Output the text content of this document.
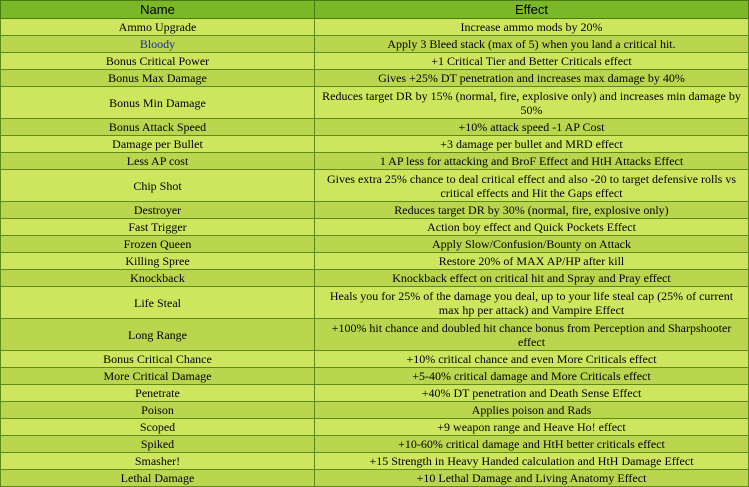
Name	Effect
Ammo Upgrade	Increase ammo mods by 20%
Bloody	Apply 3 Bleed stack (max of 5) when you land a critical hit.
Bonus Critical Power	+1 Critical Tier and Better Criticals effect
Bonus Max Damage	Gives +25% DT penetration and increases max damage by 40%
Bonus Min Damage	Reduces target DR by 15% (normal, fire, explosive only) and increases min damage by 50%
Bonus Attack Speed	+10% attack speed -1 AP Cost
Damage per Bullet	+3 damage per bullet and MRD effect
Less AP cost	1 AP less for attacking and BroF Effect and HtH Attacks Effect
Chip Shot	Gives extra 25% chance to deal critical effect and also -20 to target defensive rolls vs critical effects and Hit the Gaps effect
Destroyer	Reduces target DR by 30% (normal, fire, explosive only)
Fast Trigger	Action boy effect and Quick Pockets Effect
Frozen Queen	Apply Slow/Confusion/Bounty on Attack
Killing Spree	Restore 20% of MAX AP/HP after kill
Knockback	Knockback effect on critical hit and Spray and Pray effect
Life Steal	Heals you for 25% of the damage you deal, up to your life steal cap (25% of current max hp per attack) and Vampire Effect
Long Range	+100% hit chance and doubled hit chance bonus from Perception and Sharpshooter effect
Bonus Critical Chance	+10% critical chance and even More Criticals effect
More Critical Damage	+5-40% critical damage and More Criticals effect
Penetrate	+40% DT penetration and Death Sense Effect
Poison	Applies poison and Rads
Scoped	+9 weapon range and Heave Ho! effect
Spiked	+10-60% critical damage and HtH better criticals effect
Smasher!	+15 Strength in Heavy Handed calculation and HtH Damage Effect
Lethal Damage	+10 Lethal Damage and Living Anatomy Effect
